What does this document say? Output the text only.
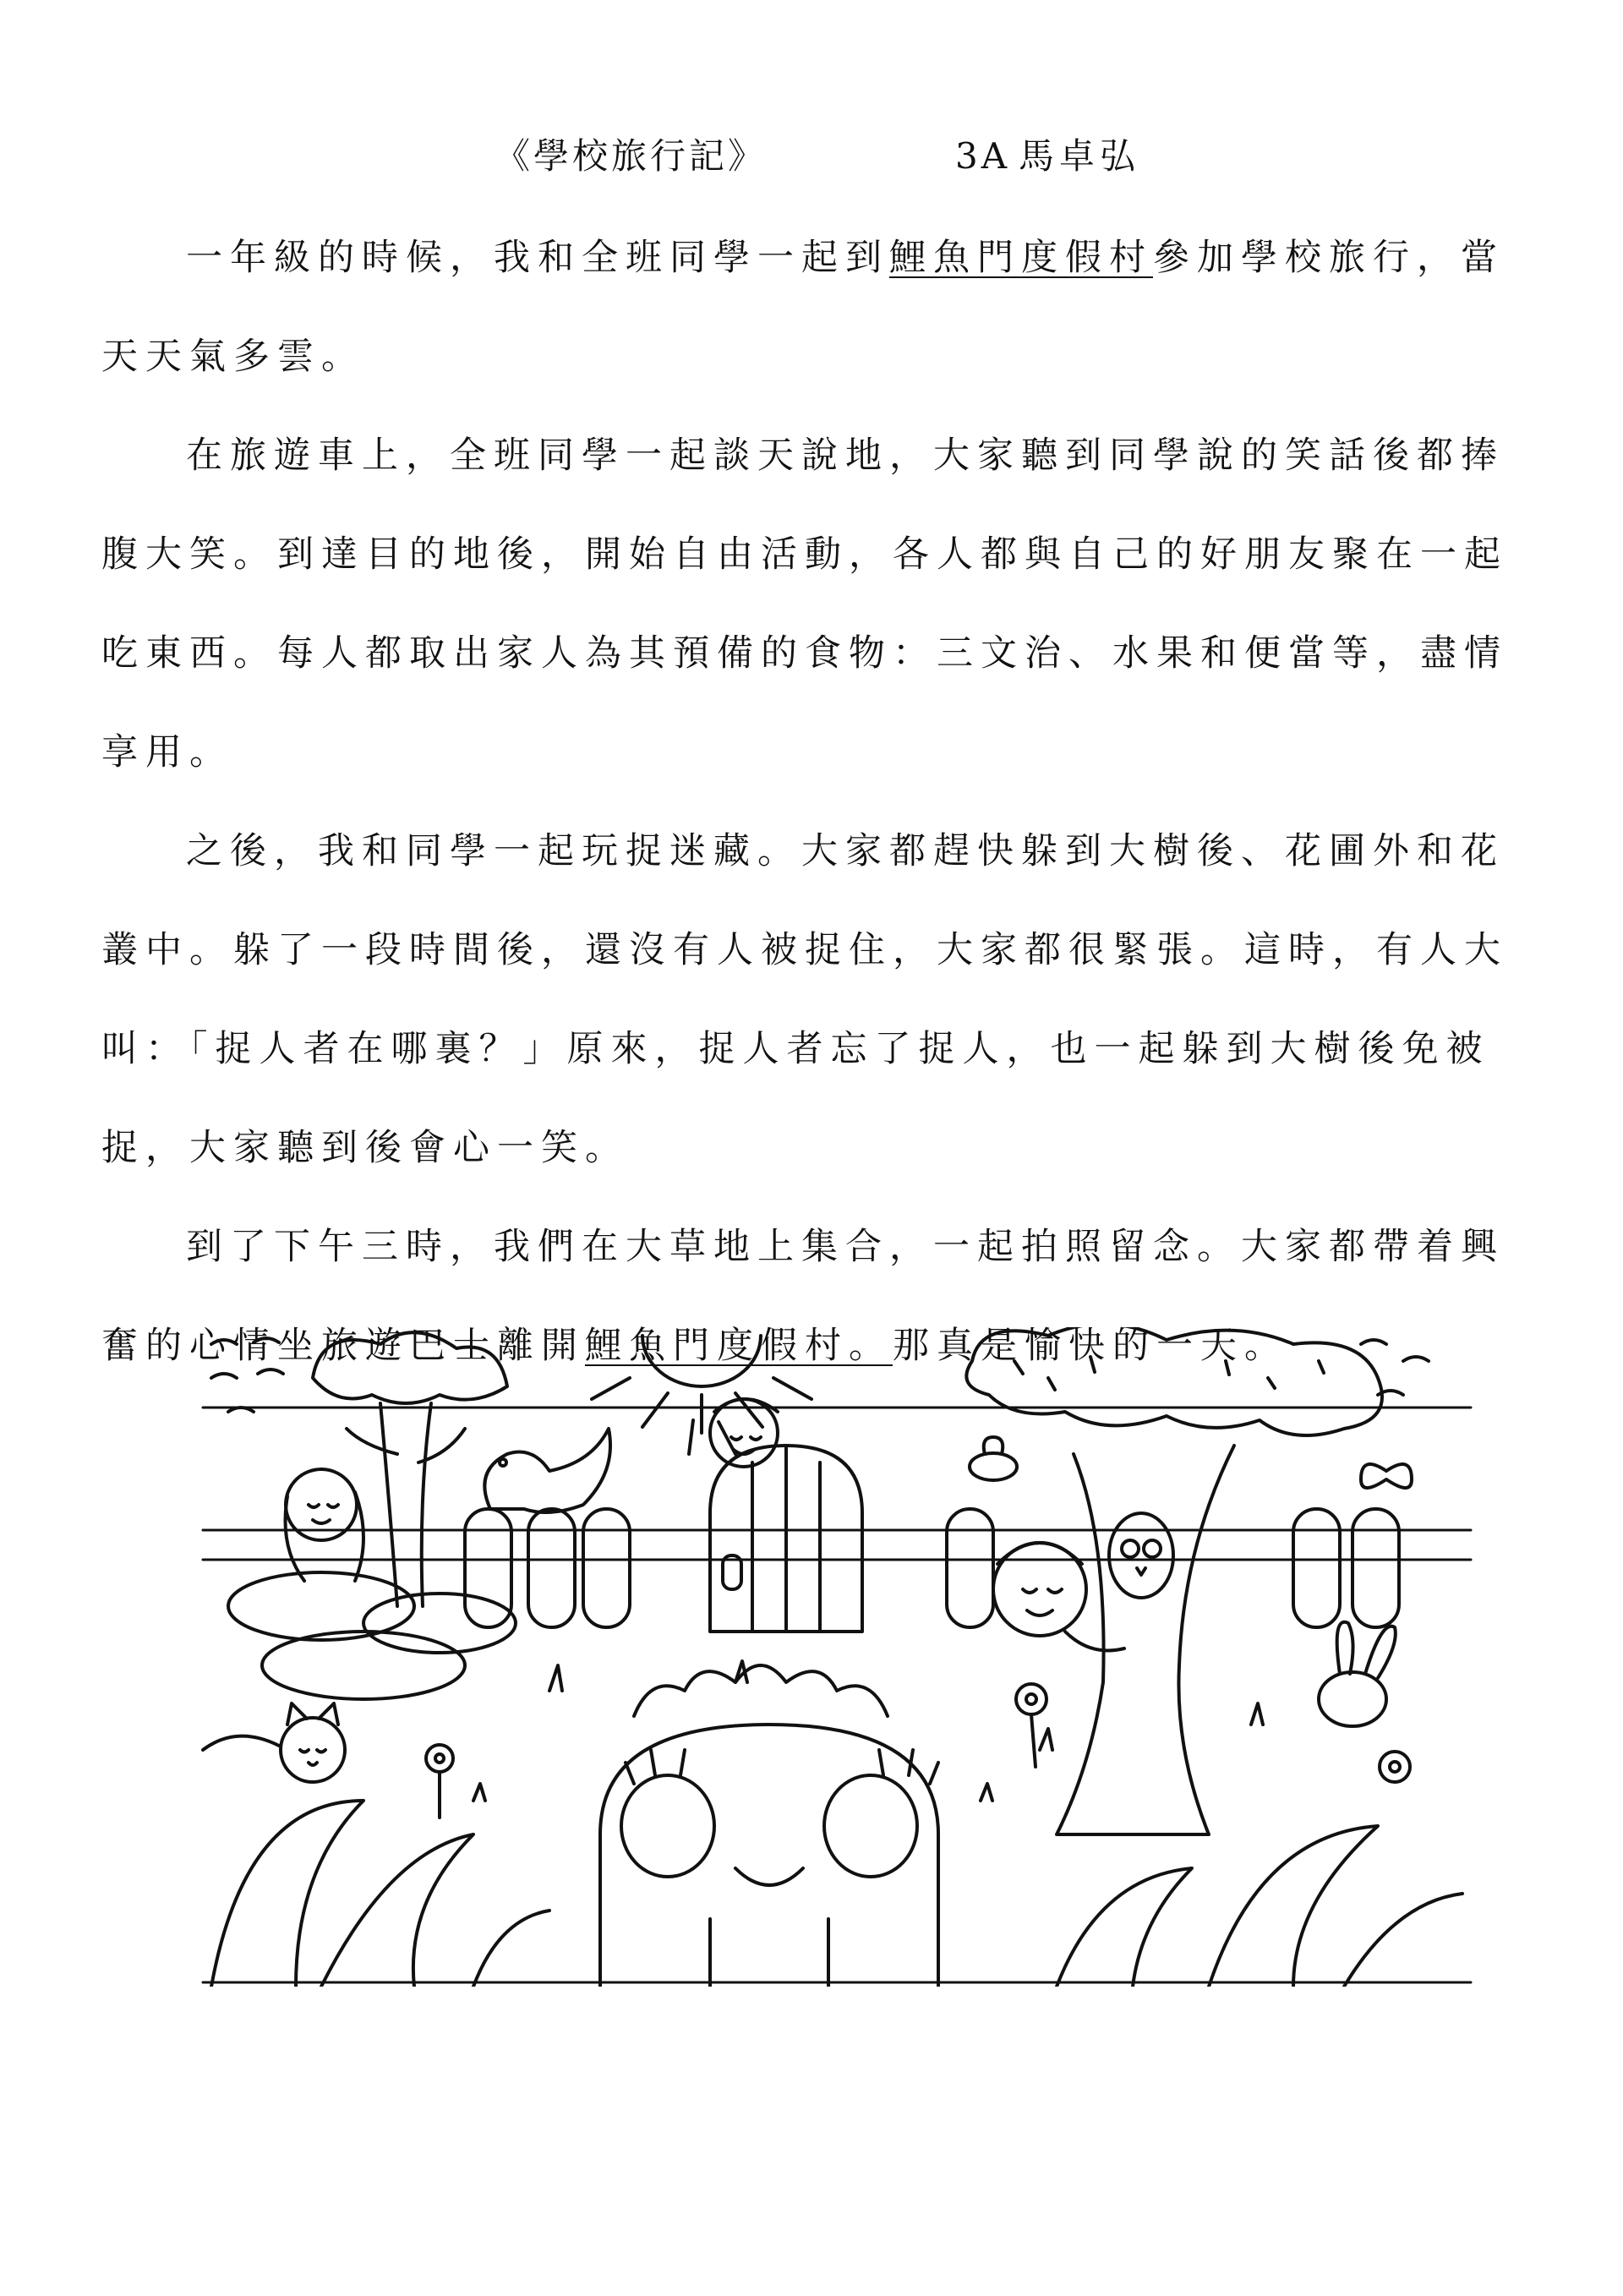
《學校旅行記》	3A 馬卓弘

一年級的時候，我和全班同學一起到鯉魚門度假村參加學校旅行，當天天氣多雲。

在旅遊車上，全班同學一起談天說地，大家聽到同學說的笑話後都捧腹大笑。到達目的地後，開始自由活動，各人都與自己的好朋友聚在一起吃東西。每人都取出家人為其預備的食物：三文治、水果和便當等，盡情享用。

之後，我和同學一起玩捉迷藏。大家都趕快躲到大樹後、花圃外和花叢中。躲了一段時間後，還沒有人被捉住，大家都很緊張。這時，有人大叫：「捉人者在哪裏？」原來，捉人者忘了捉人，也一起躲到大樹後免被捉，大家聽到後會心一笑。

到了下午三時，我們在大草地上集合，一起拍照留念。大家都帶着興奮的心情坐旅遊巴士離開鯉魚門度假村。那真是愉快的一天。
